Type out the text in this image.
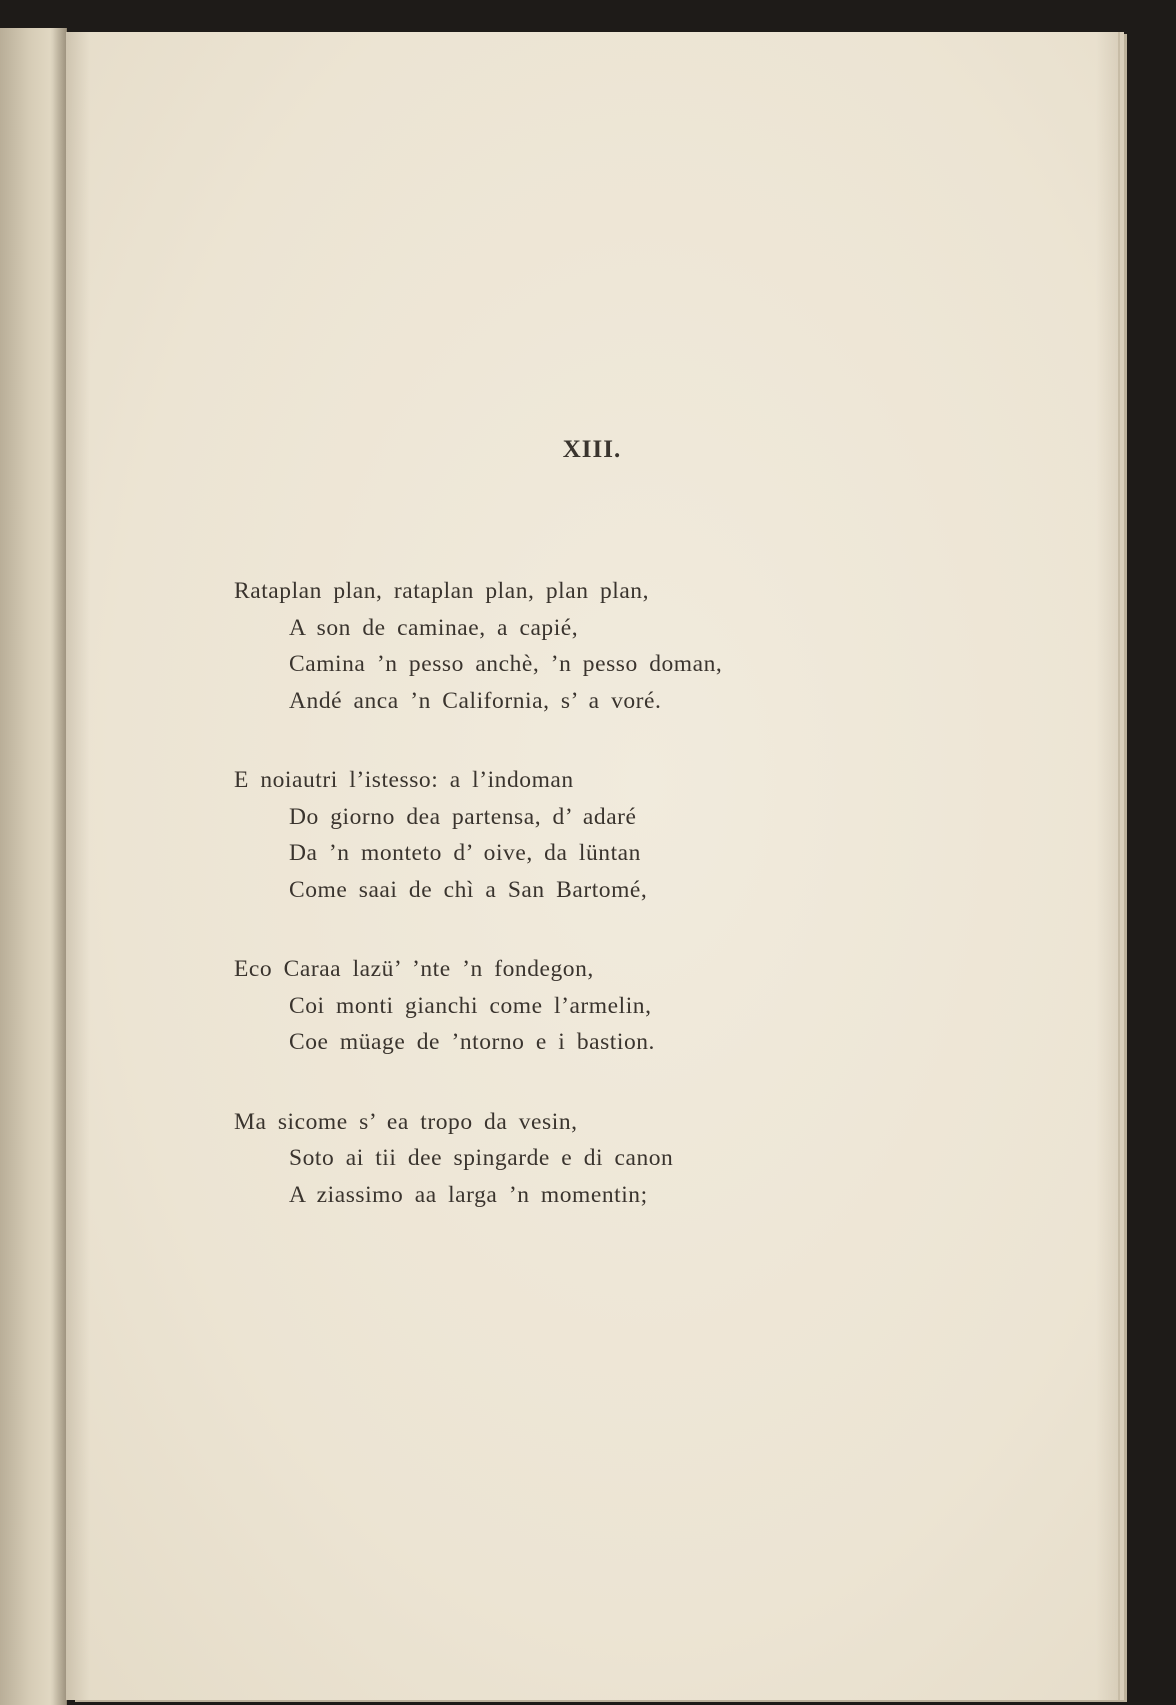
XIII.
Rataplan plan, rataplan plan, plan plan,
A son de caminae, a capié,
Camina ’n pesso anchè, ’n pesso doman,
Andé anca ’n California, s’ a voré.
E noiautri l’istesso: a l’indoman
Do giorno dea partensa, d’ adaré
Da ’n monteto d’ oive, da lüntan
Come saai de chì a San Bartomé,
Eco Caraa lazü’ ’nte ’n fondegon,
Coi monti gianchi come l’armelin,
Coe müage de ’ntorno e i bastion.
Ma sicome s’ ea tropo da vesin,
Soto ai tii dee spingarde e di canon
A ziassimo aa larga ’n momentin;
